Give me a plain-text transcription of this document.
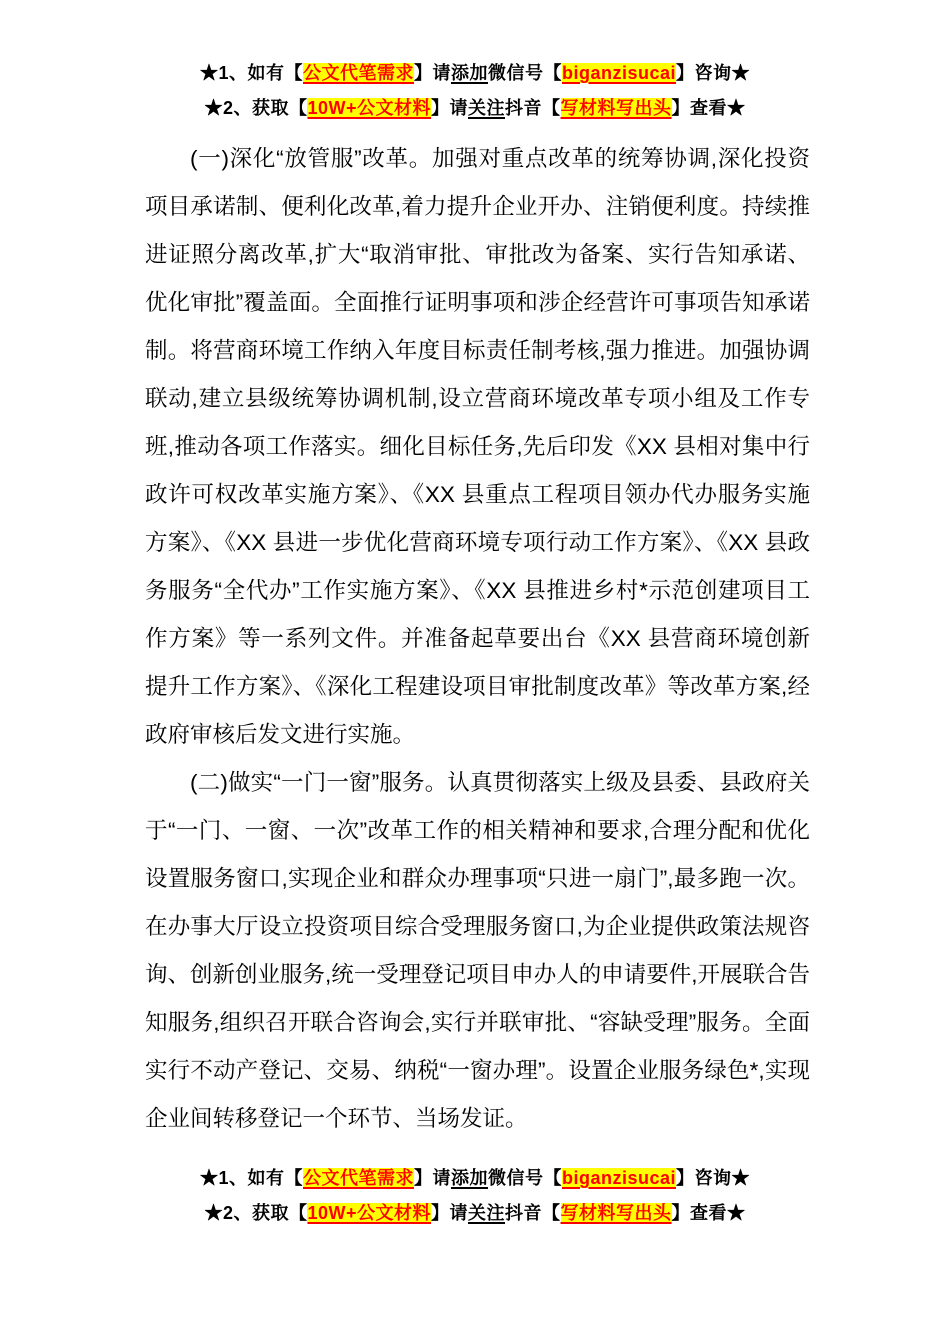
★1、如有【公文代笔需求】请添加微信号【biganzisucai】咨询★
★2、获取【10W+公文材料】请关注抖音【写材料写出头】查看★

(一)深化“放管服”改革。加强对重点改革的统筹协调,深化投资项目承诺制、便利化改革,着力提升企业开办、注销便利度。持续推进证照分离改革,扩大“取消审批、审批改为备案、实行告知承诺、优化审批”覆盖面。全面推行证明事项和涉企经营许可事项告知承诺制。将营商环境工作纳入年度目标责任制考核,强力推进。加强协调联动,建立县级统筹协调机制,设立营商环境改革专项小组及工作专班,推动各项工作落实。细化目标任务,先后印发《XX 县相对集中行政许可权改革实施方案》、《XX 县重点工程项目领办代办服务实施方案》、《XX 县进一步优化营商环境专项行动工作方案》、《XX 县政务服务“全代办”工作实施方案》、《XX 县推进乡村*示范创建项目工作方案》等一系列文件。并准备起草要出台《XX 县营商环境创新提升工作方案》、《深化工程建设项目审批制度改革》等改革方案,经政府审核后发文进行实施。

(二)做实“一门一窗”服务。认真贯彻落实上级及县委、县政府关于“一门、一窗、一次”改革工作的相关精神和要求,合理分配和优化设置服务窗口,实现企业和群众办理事项“只进一扇门”,最多跑一次。在办事大厅设立投资项目综合受理服务窗口,为企业提供政策法规咨询、创新创业服务,统一受理登记项目申办人的申请要件,开展联合告知服务,组织召开联合咨询会,实行并联审批、“容缺受理”服务。全面实行不动产登记、交易、纳税“一窗办理”。设置企业服务绿色*,实现企业间转移登记一个环节、当场发证。

★1、如有【公文代笔需求】请添加微信号【biganzisucai】咨询★
★2、获取【10W+公文材料】请关注抖音【写材料写出头】查看★
